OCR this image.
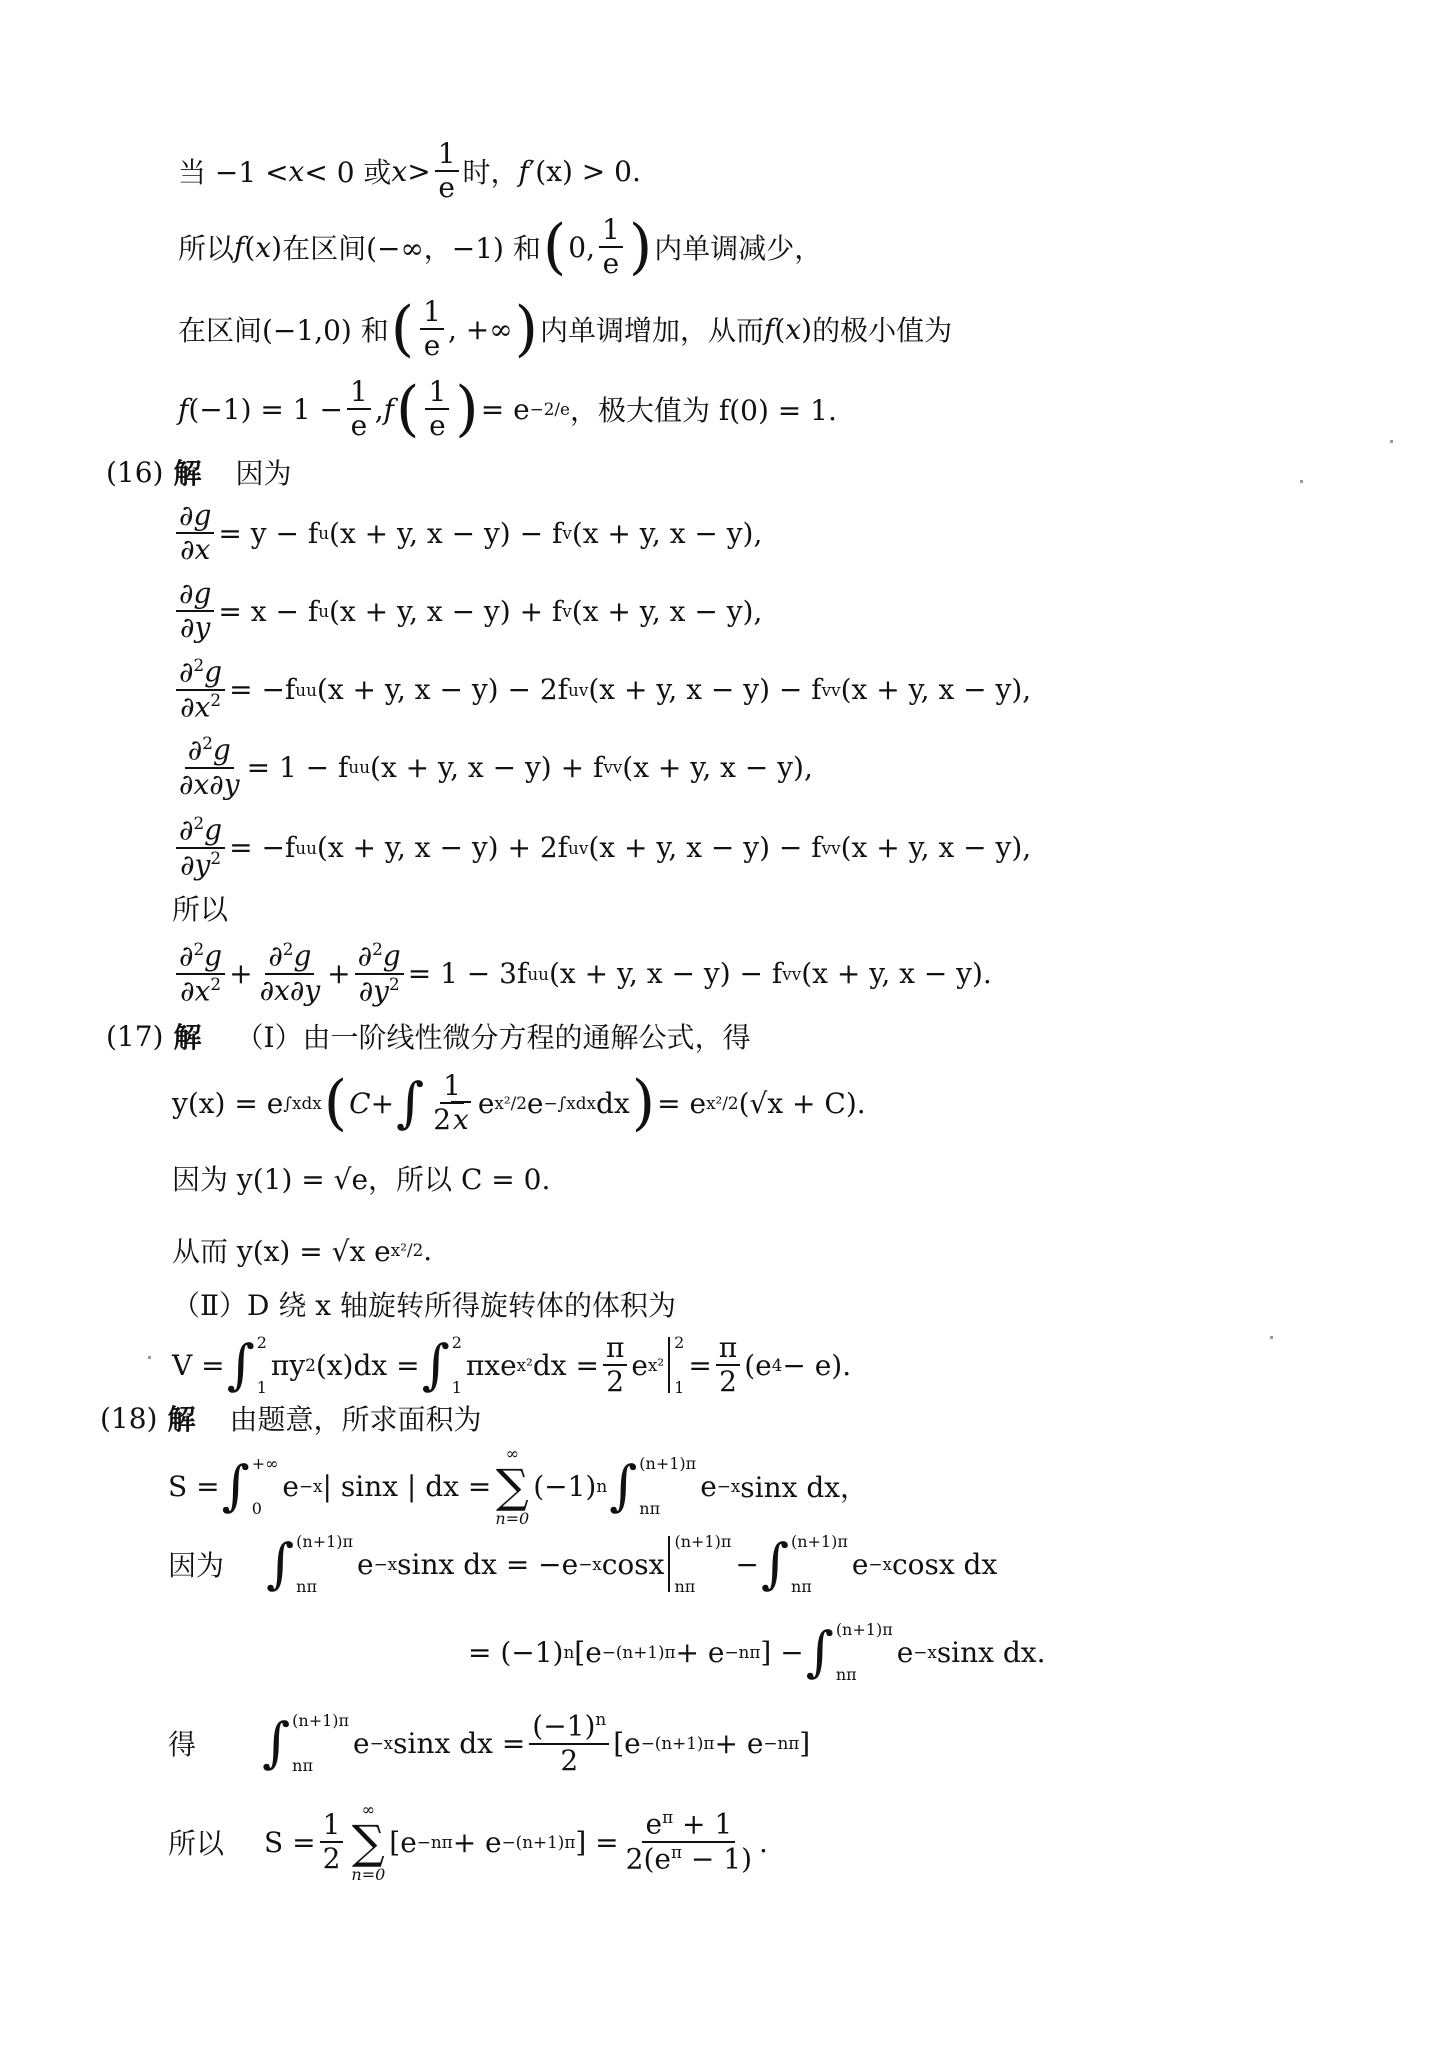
当 −1 < x < 0 或 $x > \frac{1}{e}$ 时， f ′(x) > 0.
所以 f ( x ) 在区间(−∞，−1) 和 ( 0, $\frac{1}{e}$ ) 内单调减少，
在区间(−1,0) 和 ( $\frac{1}{e}$ , +∞ ) 内单调增加，从而 f ( x ) 的极小值为
f $(-1) = 1 - \frac{1}{e}$ , f ( $\frac{1}{e}$ ) = e −2/e ，极大值为 f(0) = 1.
(16) 解 因为
$\frac{\partial g}{\partial x} = y - f$ u (x + y, x − y) − f v (x + y, x − y),
$\frac{\partial g}{\partial y} = x - f$ u (x + y, x − y) + f v (x + y, x − y),
$\frac{\partial^2g}{\partial x^2} = -f$ uu (x + y, x − y) − 2f uv (x + y, x − y) − f vv (x + y, x − y),
$\frac{\partial^2g}{\partial x\partial y} = 1 - f$ uu (x + y, x − y) + f vv (x + y, x − y),
$\frac{\partial^2g}{\partial y^2} = -f$ uu (x + y, x − y) + 2f uv (x + y, x − y) − f vv (x + y, x − y),
所以
$\frac{\partial^2g}{\partial x^2} + \frac{\partial^2g}{\partial x\partial y} + \frac{\partial^2g}{\partial y^2} = 1 - 3f$ uu (x + y, x − y) − f vv (x + y, x − y).
(17) 解 （Ⅰ）由一阶线性微分方程的通解公式，得
y(x) = e ∫xdx ( C + ∫ $\frac{1}{2x}$ e x²/2 e −∫xdx dx ) = e x²/2 (√x + C).
因为 y(1) = √e，所以 C = 0.
从而 y(x) = √x e x²/2 .
（Ⅱ）D 绕 x 轴旋转所得旋转体的体积为
V = ∫ 2
1
πy 2 (x)dx = ∫ 2
1
πxe x² dx = $\frac{\pi}{2}$ e x²
2
1
= $\frac{\pi}{2} (e$ 4 − e).
(18) 解 由题意，所求面积为
S = ∫ +∞
0
e −x | sinx | dx =
∞
∑
n=0
(−1) n ∫ (n+1)π
nπ
e −x sinx dx，
因为 ∫ (n+1)π
nπ
e −x sinx dx = −e −x cosx
(n+1)π
nπ
− ∫ (n+1)π
nπ
e −x cosx dx
= (−1) n [e −(n+1)π + e −nπ ] − ∫ (n+1)π
nπ
e −x sinx dx.
得 ∫ (n+1)π
nπ
e −x sinx dx = $\frac{(-1)^n}{2} [e -(n+1)\pi + e -n\pi$ ]
所以 $S = \frac{1}{2}$ ∞
∑
n=0
[e −nπ + e −(n+1)π ] = $\frac{e^\pi + 1}{2(e^\pi - 1)}$ .
